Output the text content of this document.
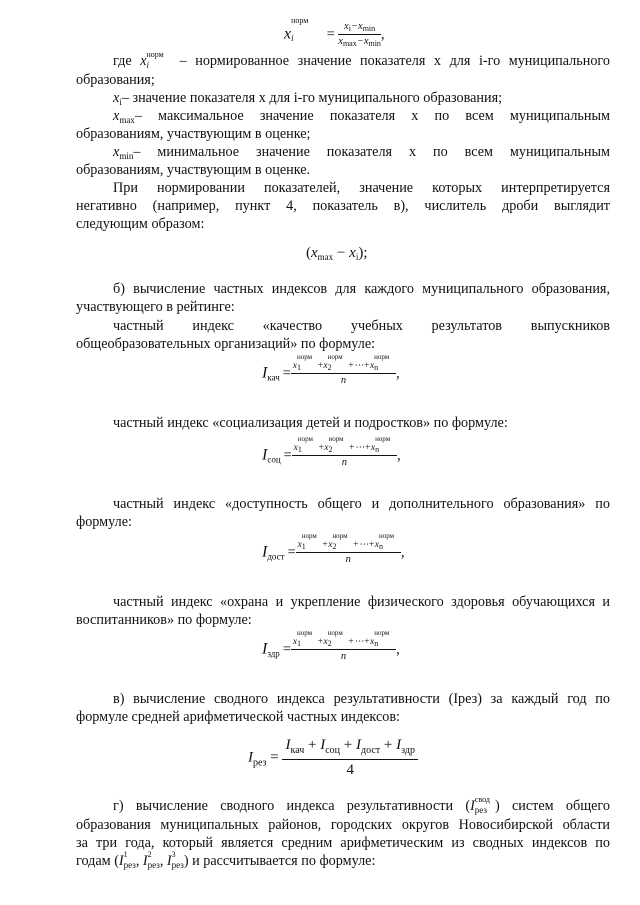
x
$_{норм i} = \frac{xi-xmin}{xmax-xmin}$ ,
где x $_{норм i}$ – нормированное значение показателя x для i-го муниципального
образования;
$x_i-$ значение показателя x для i-го муниципального образования;
$x_{max}-$ максимальное значение показателя x по всем муниципальным
образованиям, участвующим в оценке;
$x_{min}-$ минимальное значение показателя x по всем муниципальным
образованиям, участвующим в оценке.
При нормировании показателей, значение которых интерпретируется
негативно (например, пункт 4, показатель в), числитель дроби выглядит
следующим образом:
$(x_{max} - x_i)$;
б) вычисление частных индексов для каждого муниципального образования,
участвующего в рейтинге:
частный индекс «качество учебных результатов выпускников
общеобразовательных организаций» по формуле:
$I_{кач} = x$
$_{норм 1}$ +x
$_{норм 2}$ +⋯+x
$_{норм n}$
n ,
частный индекс «социализация детей и подростков» по формуле:
$I_{соц} = x$
$_{норм 1}$ +x
$_{норм 2}$ +⋯+x
$_{норм n}$
n ,
частный индекс «доступность общего и дополнительного образования» по
формуле:
$I_{дост} = x$
$_{норм 1}$ +x
$_{норм 2}$ +⋯+x
$_{норм n}$
n ,
частный индекс «охрана и укрепление физического здоровья обучающихся и
воспитанников» по формуле:
$I_{здр} = x$
$_{норм 1}$ +x
$_{норм 2}$ +⋯+x
$_{норм n}$
n ,
в) вычисление сводного индекса результативности (Iрез) за каждый год по
формуле средней арифметической частных индексов:
$I_{рез} = \frac{I_{кач} + I_{соц} + I_{дост} + I_{здр}}{4}$
г) вычисление сводного индекса результативности (I $_{свод рез}$ ) систем общего
образования муниципальных районов, городских округов Новосибирской области
за три года, который является средним арифметическим из сводных индексов по
годам (I $_{1 рез}$, I $_{2 рез}$, I $_{3 рез}$) и рассчитывается по формуле:
